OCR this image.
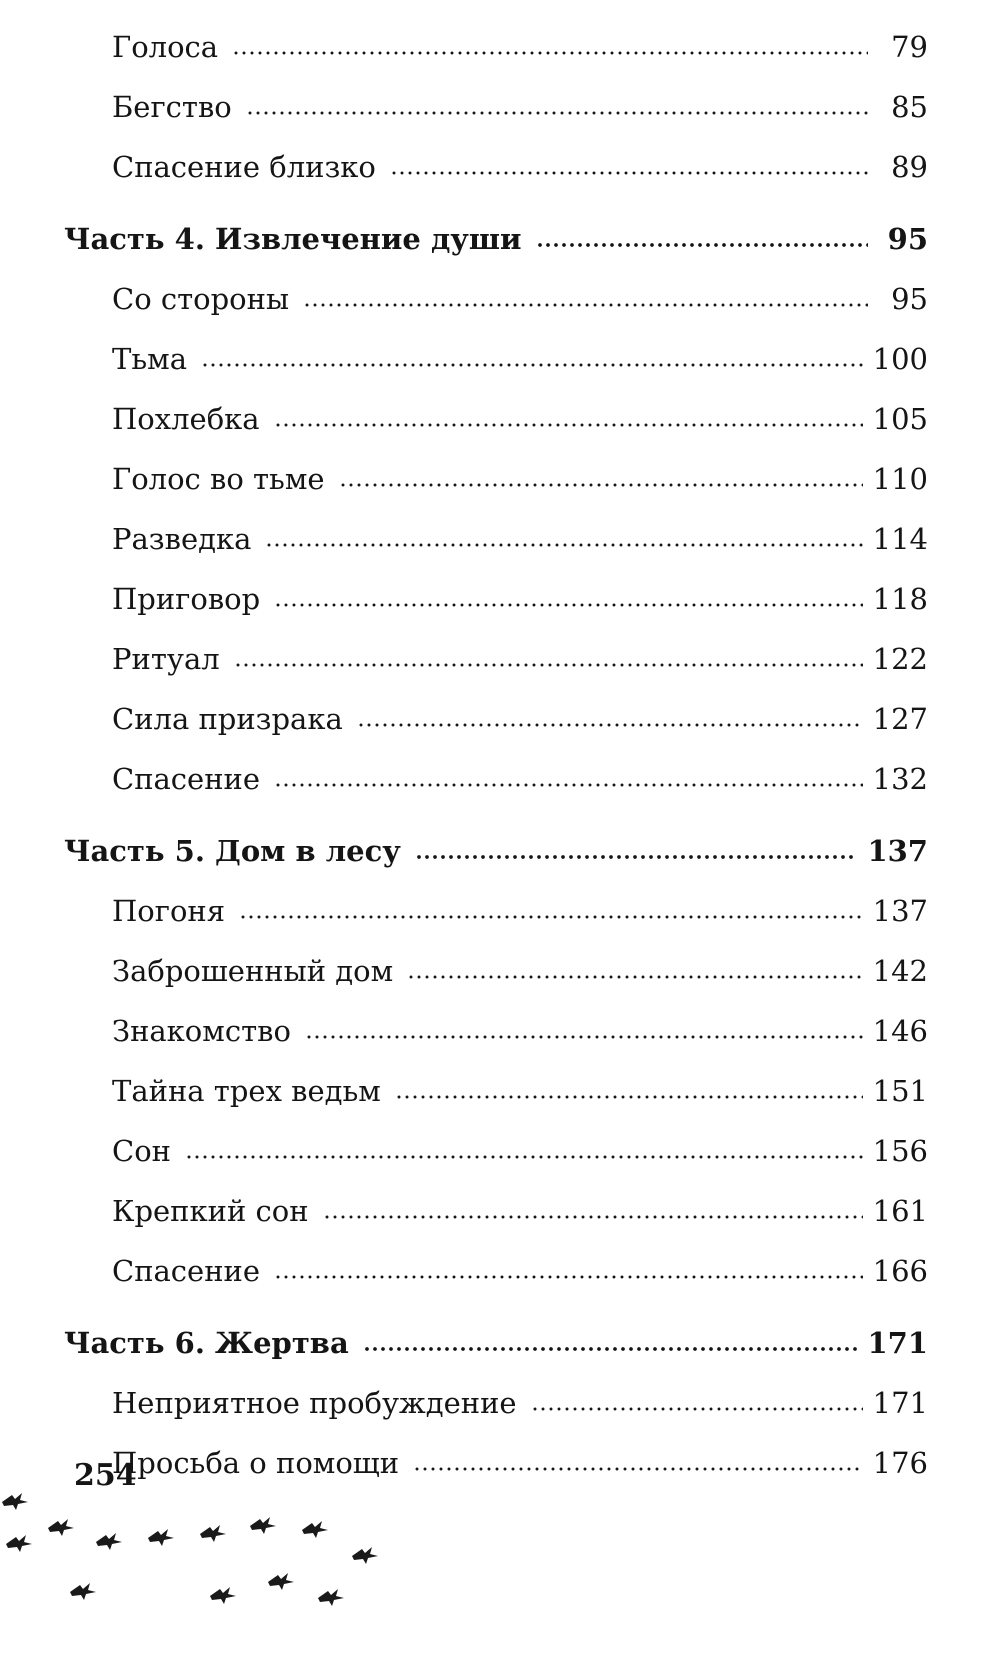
Голоса	79
Бегство	85
Спасение близко	89
Часть 4. Извлечение души	95
Со стороны	95
Тьма	100
Похлебка	105
Голос во тьме	110
Разведка	114
Приговор	118
Ритуал	122
Сила призрака	127
Спасение	132
Часть 5. Дом в лесу	137
Погоня	137
Заброшенный дом	142
Знакомство	146
Тайна трех ведьм	151
Сон	156
Крепкий сон	161
Спасение	166
Часть 6. Жертва	171
Неприятное пробуждение	171
Просьба о помощи	176
254
